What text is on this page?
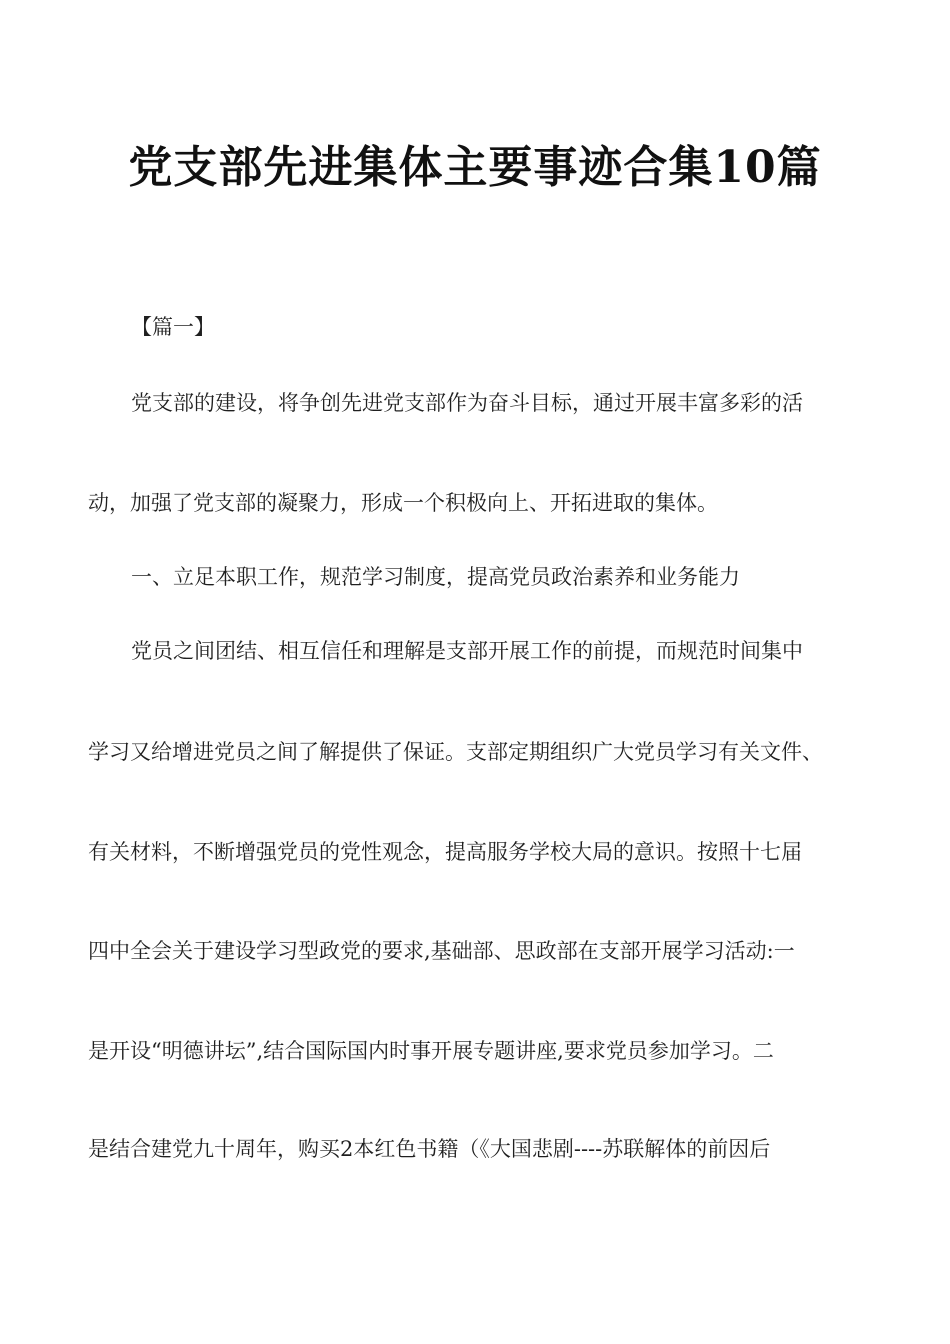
党支部先进集体主要事迹合集10篇
【篇一】
党支部的建设，将争创先进党支部作为奋斗目标，通过开展丰富多彩的活
动，加强了党支部的凝聚力，形成一个积极向上、开拓进取的集体。
一、立足本职工作，规范学习制度，提高党员政治素养和业务能力
党员之间团结、相互信任和理解是支部开展工作的前提，而规范时间集中
学习又给增进党员之间了解提供了保证。支部定期组织广大党员学习有关文件、
有关材料，不断增强党员的党性观念，提高服务学校大局的意识。按照十七届
四中全会关于建设学习型政党的要求,基础部、思政部在支部开展学习活动:一
是开设“明德讲坛”,结合国际国内时事开展专题讲座,要求党员参加学习。二
是结合建党九十周年，购买2本红色书籍（《大国悲剧----苏联解体的前因后
